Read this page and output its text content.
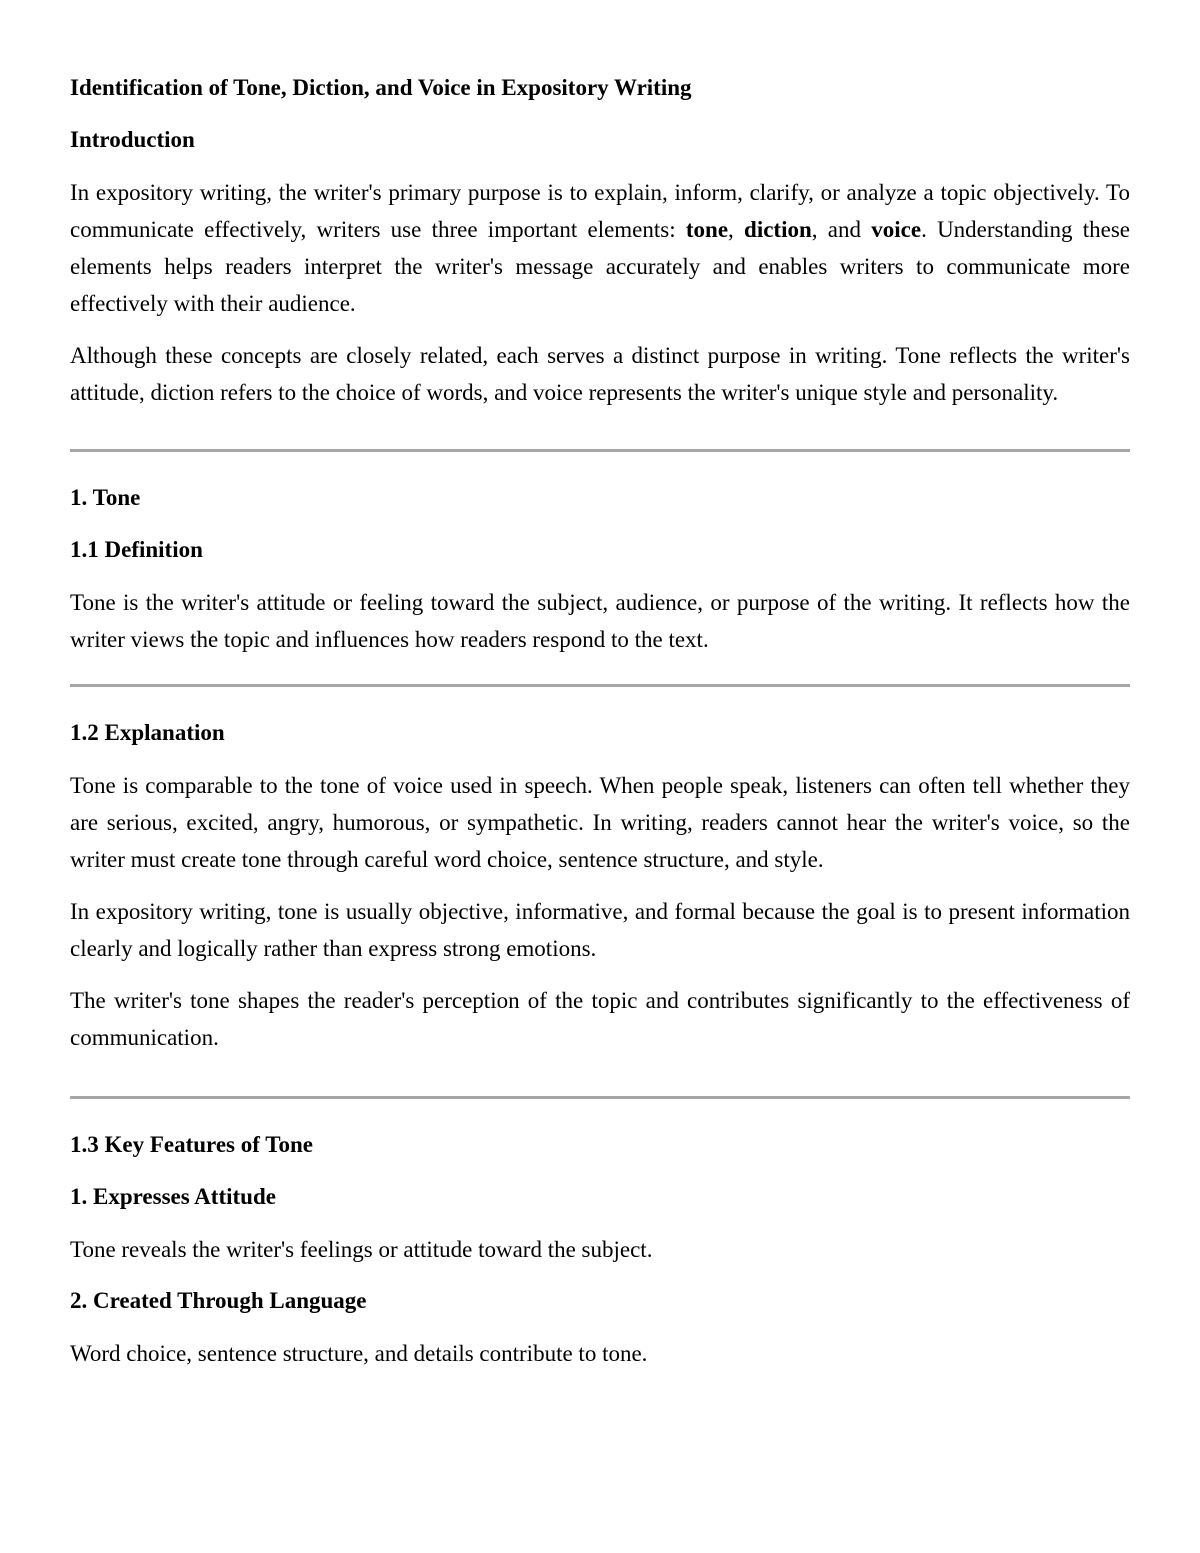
Identification of Tone, Diction, and Voice in Expository Writing
Introduction

In expository writing, the writer's primary purpose is to explain, inform, clarify, or analyze a topic objectively. To communicate effectively, writers use three important elements: tone, diction, and voice. Understanding these elements helps readers interpret the writer's message accurately and enables writers to communicate more effectively with their audience.

Although these concepts are closely related, each serves a distinct purpose in writing. Tone reflects the writer's attitude, diction refers to the choice of words, and voice represents the writer's unique style and personality.

1. Tone
1.1 Definition

Tone is the writer's attitude or feeling toward the subject, audience, or purpose of the writing. It reflects how the writer views the topic and influences how readers respond to the text.

1.2 Explanation

Tone is comparable to the tone of voice used in speech. When people speak, listeners can often tell whether they are serious, excited, angry, humorous, or sympathetic. In writing, readers cannot hear the writer's voice, so the writer must create tone through careful word choice, sentence structure, and style.

In expository writing, tone is usually objective, informative, and formal because the goal is to present information clearly and logically rather than express strong emotions.

The writer's tone shapes the reader's perception of the topic and contributes significantly to the effectiveness of communication.

1.3 Key Features of Tone
1. Expresses Attitude

Tone reveals the writer's feelings or attitude toward the subject.

2. Created Through Language

Word choice, sentence structure, and details contribute to tone.
